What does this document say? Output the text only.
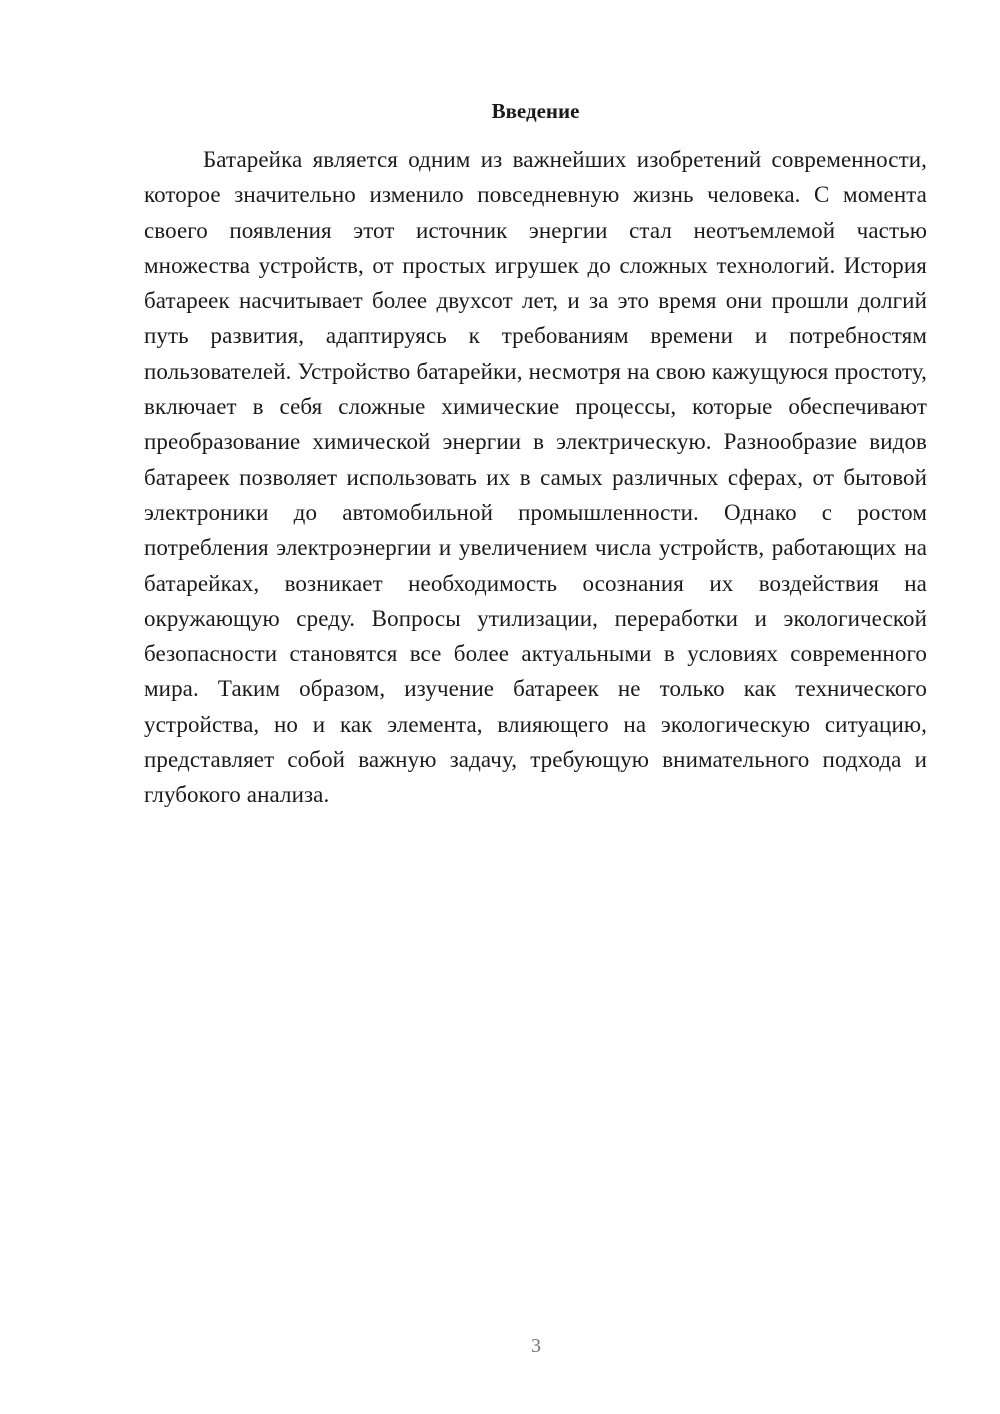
Введение

Батарейка является одним из важнейших изобретений современности, которое значительно изменило повседневную жизнь человека. С момента своего появления этот источник энергии стал неотъемлемой частью множества устройств, от простых игрушек до сложных технологий. История батареек насчитывает более двухсот лет, и за это время они прошли долгий путь развития, адаптируясь к требованиям времени и потребностям пользователей. Устройство батарейки, несмотря на свою кажущуюся простоту, включает в себя сложные химические процессы, которые обеспечивают преобразование химической энергии в электрическую. Разнообразие видов батареек позволяет использовать их в самых различных сферах, от бытовой электроники до автомобильной промышленности. Однако с ростом потребления электроэнергии и увеличением числа устройств, работающих на батарейках, возникает необходимость осознания их воздействия на окружающую среду. Вопросы утилизации, переработки и экологической безопасности становятся все более актуальными в условиях современного мира. Таким образом, изучение батареек не только как технического устройства, но и как элемента, влияющего на экологическую ситуацию, представляет собой важную задачу, требующую внимательного подхода и глубокого анализа.

3
